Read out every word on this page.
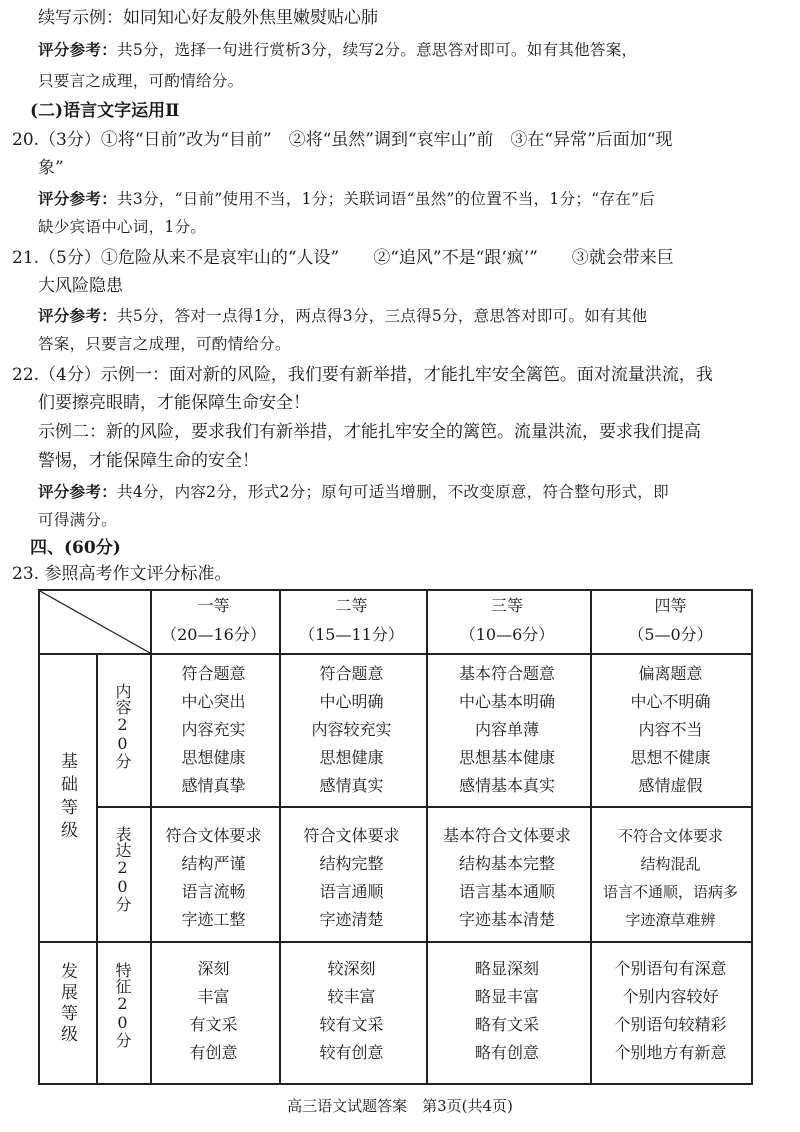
续写示例：如同知心好友般外焦里嫩熨贴心肺
评分参考：共5分，选择一句进行赏析3分，续写2分。意思答对即可。如有其他答案，
只要言之成理，可酌情给分。
(二)语言文字运用Ⅱ
20.（3分）①将“日前”改为“目前”　②将“虽然”调到“哀牢山”前　③在“异常”后面加“现
象”
评分参考：共3分，“日前”使用不当，1分；关联词语“虽然”的位置不当，1分；“存在”后
缺少宾语中心词，1分。
21.（5分）①危险从来不是哀牢山的“人设”　　②“追风”不是“跟‘疯’”　　③就会带来巨
大风险隐患
评分参考：共5分，答对一点得1分，两点得3分，三点得5分，意思答对即可。如有其他
答案，只要言之成理，可酌情给分。
22.（4分）示例一：面对新的风险，我们要有新举措，才能扎牢安全篱笆。面对流量洪流，我
们要擦亮眼睛，才能保障生命安全！
示例二：新的风险，要求我们有新举措，才能扎牢安全的篱笆。流量洪流，要求我们提高
警惕，才能保障生命的安全！
评分参考：共4分，内容2分，形式2分；原句可适当增删，不改变原意，符合整句形式，即
可得满分。
四、(60分)
23. 参照高考作文评分标准。
一等
（20—16分）
二等
（15—11分）
三等
（10—6分）
四等
（5—0分）
基础等级
发展等级
内容20分
表达20分
特征20分
符合题意
中心突出
内容充实
思想健康
感情真挚
符合题意
中心明确
内容较充实
思想健康
感情真实
基本符合题意
中心基本明确
内容单薄
思想基本健康
感情基本真实
偏离题意
中心不明确
内容不当
思想不健康
感情虚假
符合文体要求
结构严谨
语言流畅
字迹工整
符合文体要求
结构完整
语言通顺
字迹清楚
基本符合文体要求
结构基本完整
语言基本通顺
字迹基本清楚
不符合文体要求
结构混乱
语言不通顺，语病多
字迹潦草难辨
深刻
丰富
有文采
有创意
较深刻
较丰富
较有文采
较有创意
略显深刻
略显丰富
略有文采
略有创意
个别语句有深意
个别内容较好
个别语句较精彩
个别地方有新意
高三语文试题答案　第3页(共4页)
